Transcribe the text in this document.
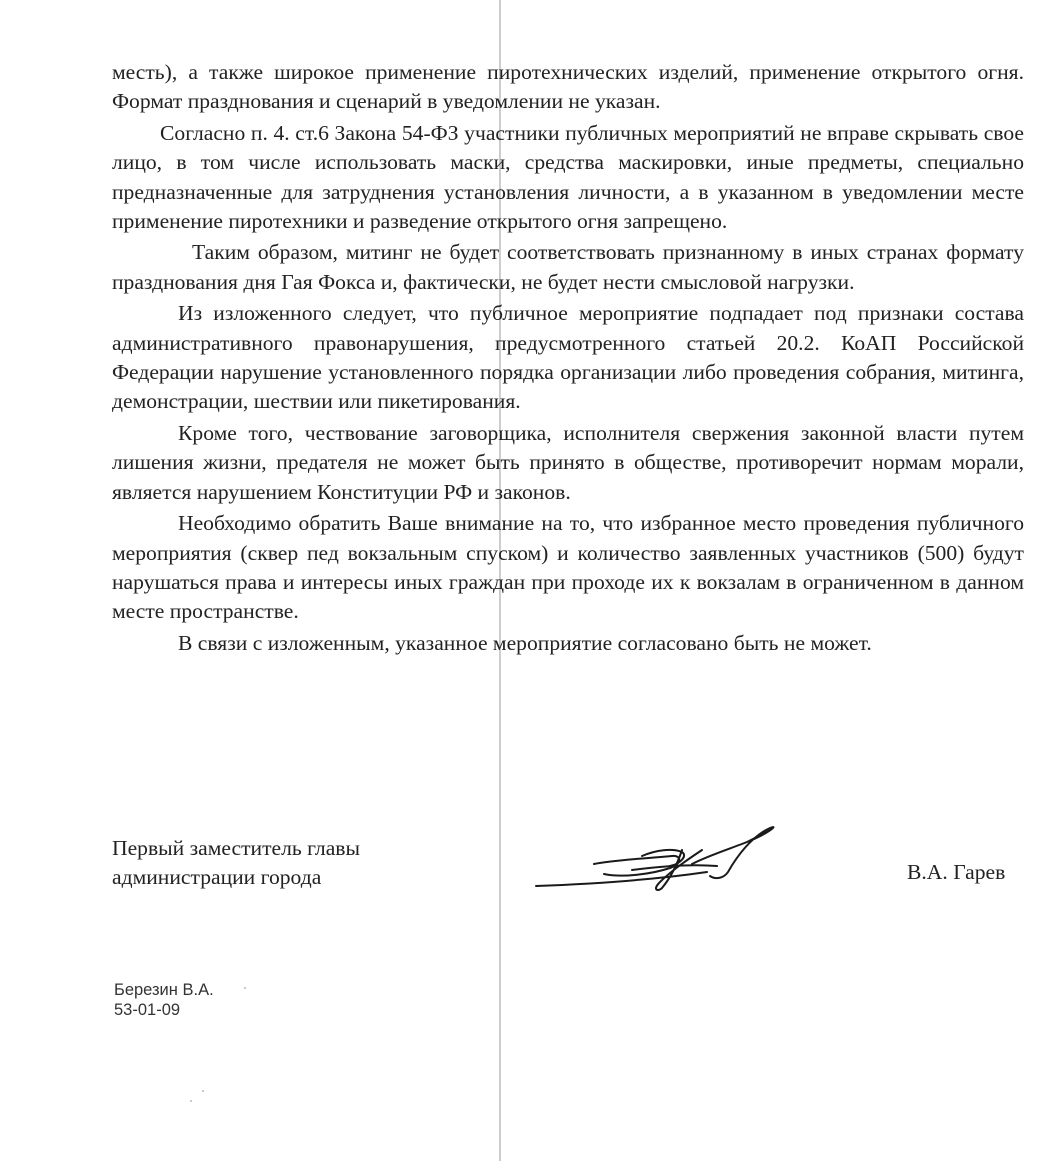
месть), а также широкое применение пиротехнических изделий, применение открытого огня. Формат празднования и сценарий в уведомлении не указан.

Согласно п. 4. ст.6 Закона 54-ФЗ участники публичных мероприятий не вправе скрывать свое лицо, в том числе использовать маски, средства маскировки, иные предметы, специально предназначенные для затруднения установления личности, а в указанном в уведомлении месте применение пиротехники и разведение открытого огня запрещено.

Таким образом, митинг не будет соответствовать признанному в иных странах формату празднования дня Гая Фокса и, фактически, не будет нести смысловой нагрузки.

Из изложенного следует, что публичное мероприятие подпадает под признаки состава административного правонарушения, предусмотренного статьей 20.2. КоАП Российской Федерации нарушение установленного порядка организации либо проведения собрания, митинга, демонстрации, шествии или пикетирования.

Кроме того, чествование заговорщика, исполнителя свержения законной власти путем лишения жизни, предателя не может быть принято в обществе, противоречит нормам морали, является нарушением Конституции РФ и законов.

Необходимо обратить Ваше внимание на то, что избранное место проведения публичного мероприятия (сквер пед вокзальным спуском) и количество заявленных участников (500) будут нарушаться права и интересы иных граждан при проходе их к вокзалам в ограниченном в данном месте пространстве.

В связи с изложенным, указанное мероприятие согласовано быть не может.

Первый заместитель главы
администрации города	В.А. Гарев
Березин В.А.
53-01-09
